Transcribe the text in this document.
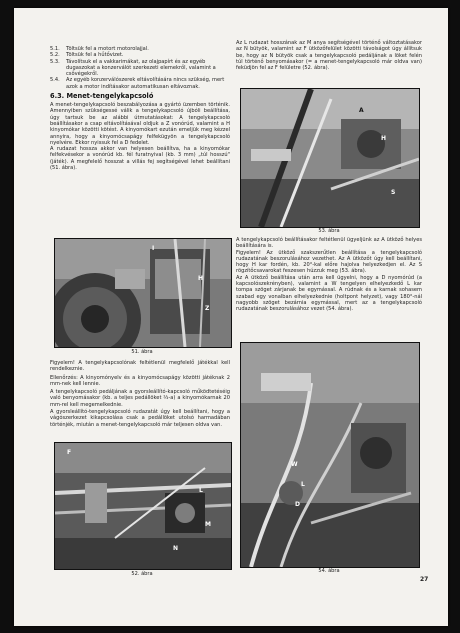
5.1.	Töltsük fel a motort motorolajjal.
5.2.	Töltsük fel a hűtővizet.
5.3.	Távolítsuk el a vakkarimákat, az olajpapírt és az egyéb dugaszokat a konzerválót szerkezeti elemekről, valamint a csővégekről.
5.4.	Az egyéb konzerválószerek eltávolítására nincs szükség, mert azok a motor indításakor automatikusan eltávoznak.
6.3. Menet-tengelykapcsoló

A menet-tengelykapcsoló beszabályozása a gyártó üzemben történik. Amennyiben szükségessé válik a tengelykapcsoló újbóli beállítása, úgy tartsuk be az alábbi útmutatásokat: A tengelykapcsoló beállításakor a csap eltávolításával oldjuk a Z vonórúd, valamint a H kinyomókar közötti kötést. A kinyomókart ezután emeljük meg kézzel annyira, hogy a kinyomócsapágy felfekügyön a tengelykapcsoló nyelvére. Ekkor nyissuk fel a D fedelet.

A rudazat hossza akkor van helyesen beállítva, ha a kinyomókar felfekvésekor a vonórúd kb. fél furatnyival (kb. 3 mm) „túl hosszú" (játék). A megfelelő hosszat a villás fej segítségével lehet beállítani (51. ábra).

I
H
Z
51. ábra

Figyelem! A tengelykapcsolónak feltétlenül megfelelő játékkal kell rendelkeznie.

Ellenőrzés: A kinyomónyelv és a kinyomócsapágy közötti játéknak 2 mm-nek kell lennie.

A tengelykapcsoló pedáljának a gyorsleállító-kapcsoló működtetéséig való benyomásakor (kb. a teljes pedállöket ⅔-a) a kinyomókarnak 20 mm-rel kell megemelkednie.

A gyorsleállító-tengelykapcsoló rudazatát úgy kell beállítani, hogy a vágószerkezet kikapcsolása csak a pedállöket utolsó harmadában történjék, miután a menet-tengelykapcsoló már teljesen oldva van.

F
L
M
N
52. ábra

Az L rudazat hosszának az M anya segítségével történő változtatásakor az N bütyök, valamint az F ütközőfelület közötti távolságot úgy állítsuk be, hogy az N bütyök csak a tengelykapcsoló pedáljának a löket felén túl történő benyomásakor (= a menet-tengelykapcsoló már oldva van) feküdjön fel az F felületre (52. ábra).

A
H
S
53. ábra

A tengelykapcsoló beállításakor feltétlenül ügyeljünk az A ütköző helyes beállítására is.

Figyelem! Az ütköző szakszerűtlen beállítása a tengelykapcsoló rudazatának beszorulásához vezethet. Az A ütközőt úgy kell beállítani, hogy H kar fordén, kb. 20°-kal előre hajolva helyezkedjen el. Az S rögzítőcsavarokat feszesen húzzuk meg (53. ábra).

Az A ütköző beállítása után arra kell ügyelni, hogy a D nyomórúd (a kapcsolószekrényben), valamint a W tengelyen elhelyezkedő L kar tompa szöget zárjanak be egymással. A rúdnak és a karnak sohasem szabad egy vonalban elhelyezkednie (holtpont helyzet), vagy 180°-nál nagyobb szöget bezárnia egymással, mert az a tengelykapcsoló rudazatának beszorulásához vezet (54. ábra).

W
L
D
54. ábra
27
